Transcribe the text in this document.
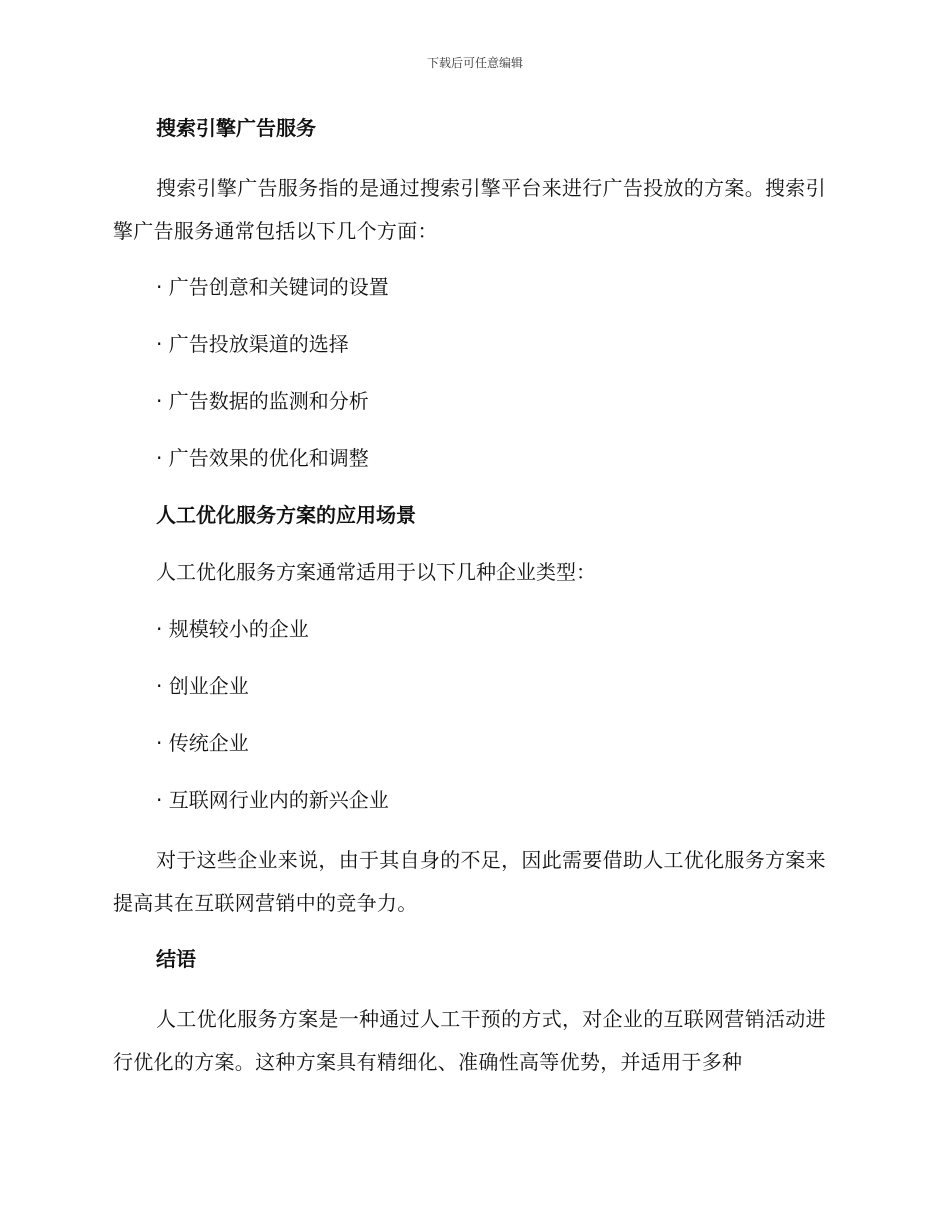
下载后可任意编辑
搜索引擎广告服务
搜索引擎广告服务指的是通过搜索引擎平台来进行广告投放的方案。搜索引擎广告服务通常包括以下几个方面：
· 广告创意和关键词的设置
· 广告投放渠道的选择
· 广告数据的监测和分析
· 广告效果的优化和调整
人工优化服务方案的应用场景
人工优化服务方案通常适用于以下几种企业类型：
· 规模较小的企业
· 创业企业
· 传统企业
· 互联网行业内的新兴企业
对于这些企业来说，由于其自身的不足，因此需要借助人工优化服务方案来提高其在互联网营销中的竞争力。
结语
人工优化服务方案是一种通过人工干预的方式，对企业的互联网营销活动进行优化的方案。这种方案具有精细化、准确性高等优势，并适用于多种
